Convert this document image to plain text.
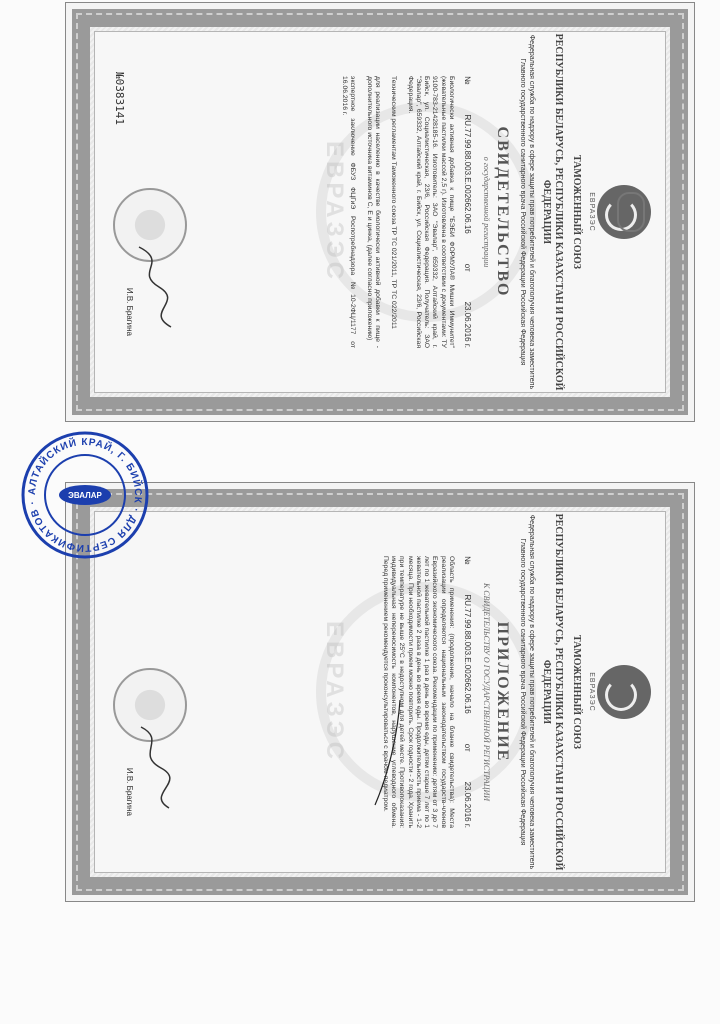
ЕВРАЗЭС	ЕВРАЗЭС
ТАМОЖЕННЫЙ СОЮЗ
РЕСПУБЛИКИ БЕЛАРУСЬ, РЕСПУБЛИКИ КАЗАХСТАН И РОССИЙСКОЙ ФЕДЕРАЦИИ
Федеральная служба по надзору в сфере защиты прав потребителей и благополучия человека заместитель Главного государственного санитарного врача Российской Федерации Российская Федерация
СВИДЕТЕЛЬСТВО
о государственной регистрации
№
RU.77.99.88.003.E.002662.06.16
от
23.06.2016 г.
Биологически активная добавка к пище "БЭБИ ФОРМУЛА® Мишки Иммунитет" (жевательные пастилки массой 2,5 г). Изготовлена в соответствии с документами: ТУ 9100-783-21428185-16. Изготовитель: ЗАО "Эвалар", 659332, Алтайский край, г. Бийск, ул. Социалистическая, 23/6, Российская Федерация. Получатель: ЗАО "Эвалар", 659332, Алтайский край, г. Бийск, ул. Социалистическая, 23/6, Российская Федерация.
Техническим регламентам Таможенного союза ТР ТС 021/2011, ТР ТС 022/2011
для реализации населению в качестве биологически активной добавки к пище - дополнительного источника витаминов С, Е и цинка, (далее согласно приложению)
экспертное заключение ФБУЗ ФЦГиЭ Роспотребнадзора №10-2ФЦ/1177 от 16.06.2016 г.
И.В. Брагина
№0383141
ЕВРАЗЭС	ЕВРАЗЭС
ТАМОЖЕННЫЙ СОЮЗ
РЕСПУБЛИКИ БЕЛАРУСЬ, РЕСПУБЛИКИ КАЗАХСТАН И РОССИЙСКОЙ ФЕДЕРАЦИИ
Федеральная служба по надзору в сфере защиты прав потребителей и благополучия человека заместитель Главного государственного санитарного врача Российской Федерации Российская Федерация
ПРИЛОЖЕНИЕ
К СВИДЕТЕЛЬСТВУ О ГОСУДАРСТВЕННОЙ РЕГИСТРАЦИИ
№
RU.77.99.88.003.E.002662.06.16
от
23.06.2016 г.
Область применения: (продолжение, начало на бланке свидетельства): Места реализации определяются национальным законодательством государств-членов Евразийского экономического союза. Рекомендации по применению: детям от 3 до 7 лет по 1 жевательной пастилке 1 раз в день во время еды, детям старше 7 лет по 1 жевательной пастилке 2 раза в день во время еды. Продолжительность приема - 1-2 месяца. При необходимости прием можно повторить. Срок годности - 2 года. Хранить при температуре не выше 25°С в недоступном для детей месте. Противопоказания: индивидуальная непереносимость компонентов, нарушение углеводного обмена. Перед применением рекомендуется проконсультироваться с врачом-педиатром.
И.В. Брагина
АЛТАЙСКИЙ КРАЙ, Г. БИЙСК · ДЛЯ СЕРТИФИКАТОВ ·
ЭВАЛАР
